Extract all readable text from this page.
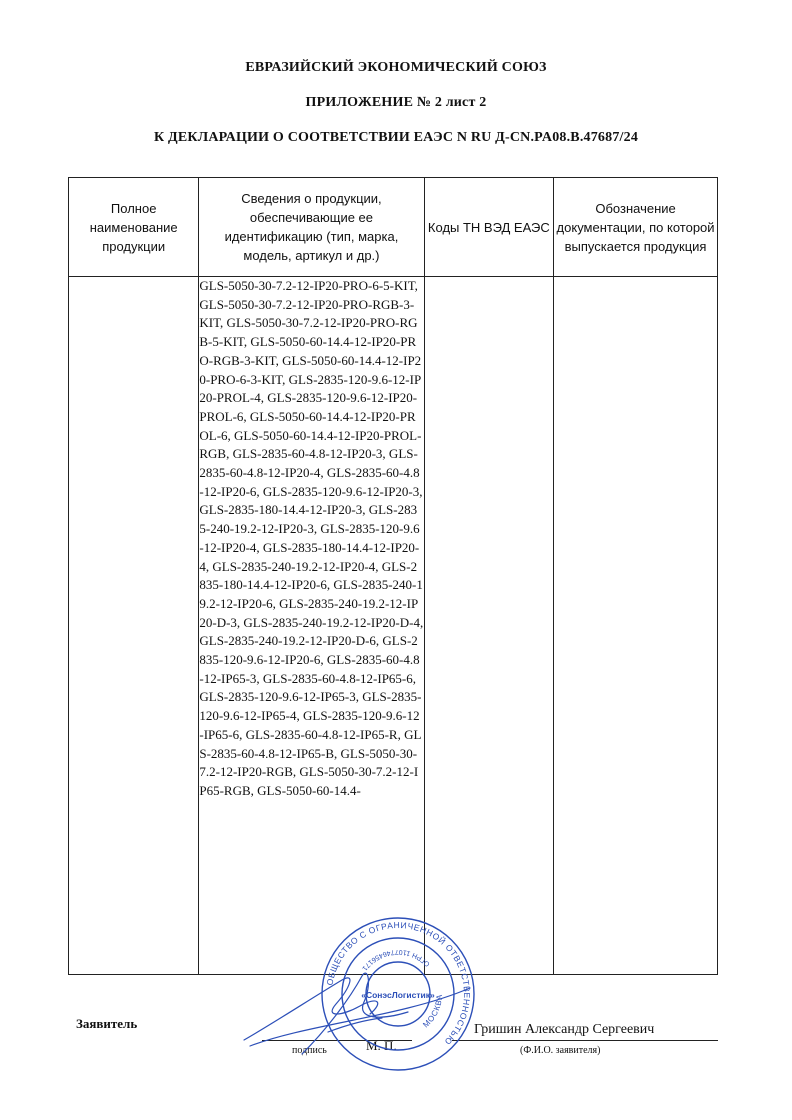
ЕВРАЗИЙСКИЙ ЭКОНОМИЧЕСКИЙ СОЮЗ
ПРИЛОЖЕНИЕ № 2 лист 2
К ДЕКЛАРАЦИИ О СООТВЕТСТВИИ ЕАЭС N RU Д-CN.PA08.B.47687/24
Полное наименование продукции	Сведения о продукции, обеспечивающие ее идентификацию (тип, марка, модель, артикул и др.)	Коды ТН ВЭД ЕАЭС	Обозначение документации, по которой выпускается продукция
	GLS-5050-30-7.2-12-IP20-PRO-6-5-KIT, GLS-5050-30-7.2-12-IP20-PRO-RGB-3-KIT, GLS-5050-30-7.2-12-IP20-PRO-RGB-5-KIT, GLS-5050-60-14.4-12-IP20-PRO-RGB-3-KIT, GLS-5050-60-14.4-12-IP20-PRO-6-3-KIT, GLS-2835-120-9.6-12-IP20-PROL-4, GLS-2835-120-9.6-12-IP20-PROL-6, GLS-5050-60-14.4-12-IP20-PROL-6, GLS-5050-60-14.4-12-IP20-PROL-RGB, GLS-2835-60-4.8-12-IP20-3, GLS-2835-60-4.8-12-IP20-4, GLS-2835-60-4.8-12-IP20-6, GLS-2835-120-9.6-12-IP20-3, GLS-2835-180-14.4-12-IP20-3, GLS-2835-240-19.2-12-IP20-3, GLS-2835-120-9.6-12-IP20-4, GLS-2835-180-14.4-12-IP20-4, GLS-2835-240-19.2-12-IP20-4, GLS-2835-180-14.4-12-IP20-6, GLS-2835-240-19.2-12-IP20-6, GLS-2835-240-19.2-12-IP20-D-3, GLS-2835-240-19.2-12-IP20-D-4, GLS-2835-240-19.2-12-IP20-D-6, GLS-2835-120-9.6-12-IP20-6, GLS-2835-60-4.8-12-IP65-3, GLS-2835-60-4.8-12-IP65-6, GLS-2835-120-9.6-12-IP65-3, GLS-2835-120-9.6-12-IP65-4, GLS-2835-120-9.6-12-IP65-6, GLS-2835-60-4.8-12-IP65-R, GLS-2835-60-4.8-12-IP65-B, GLS-5050-30-7.2-12-IP20-RGB, GLS-5050-30-7.2-12-IP65-RGB, GLS-5050-60-14.4-		
Заявитель	Гришин Александр Сергеевич
подпись	М. П.	(Ф.И.О. заявителя)
ОБЩЕСТВО С ОГРАНИЧЕННОЙ ОТВЕТСТВЕННОСТЬЮ
МОСКВА
ОГРН 1107746456171
«СонэсЛогистик»
